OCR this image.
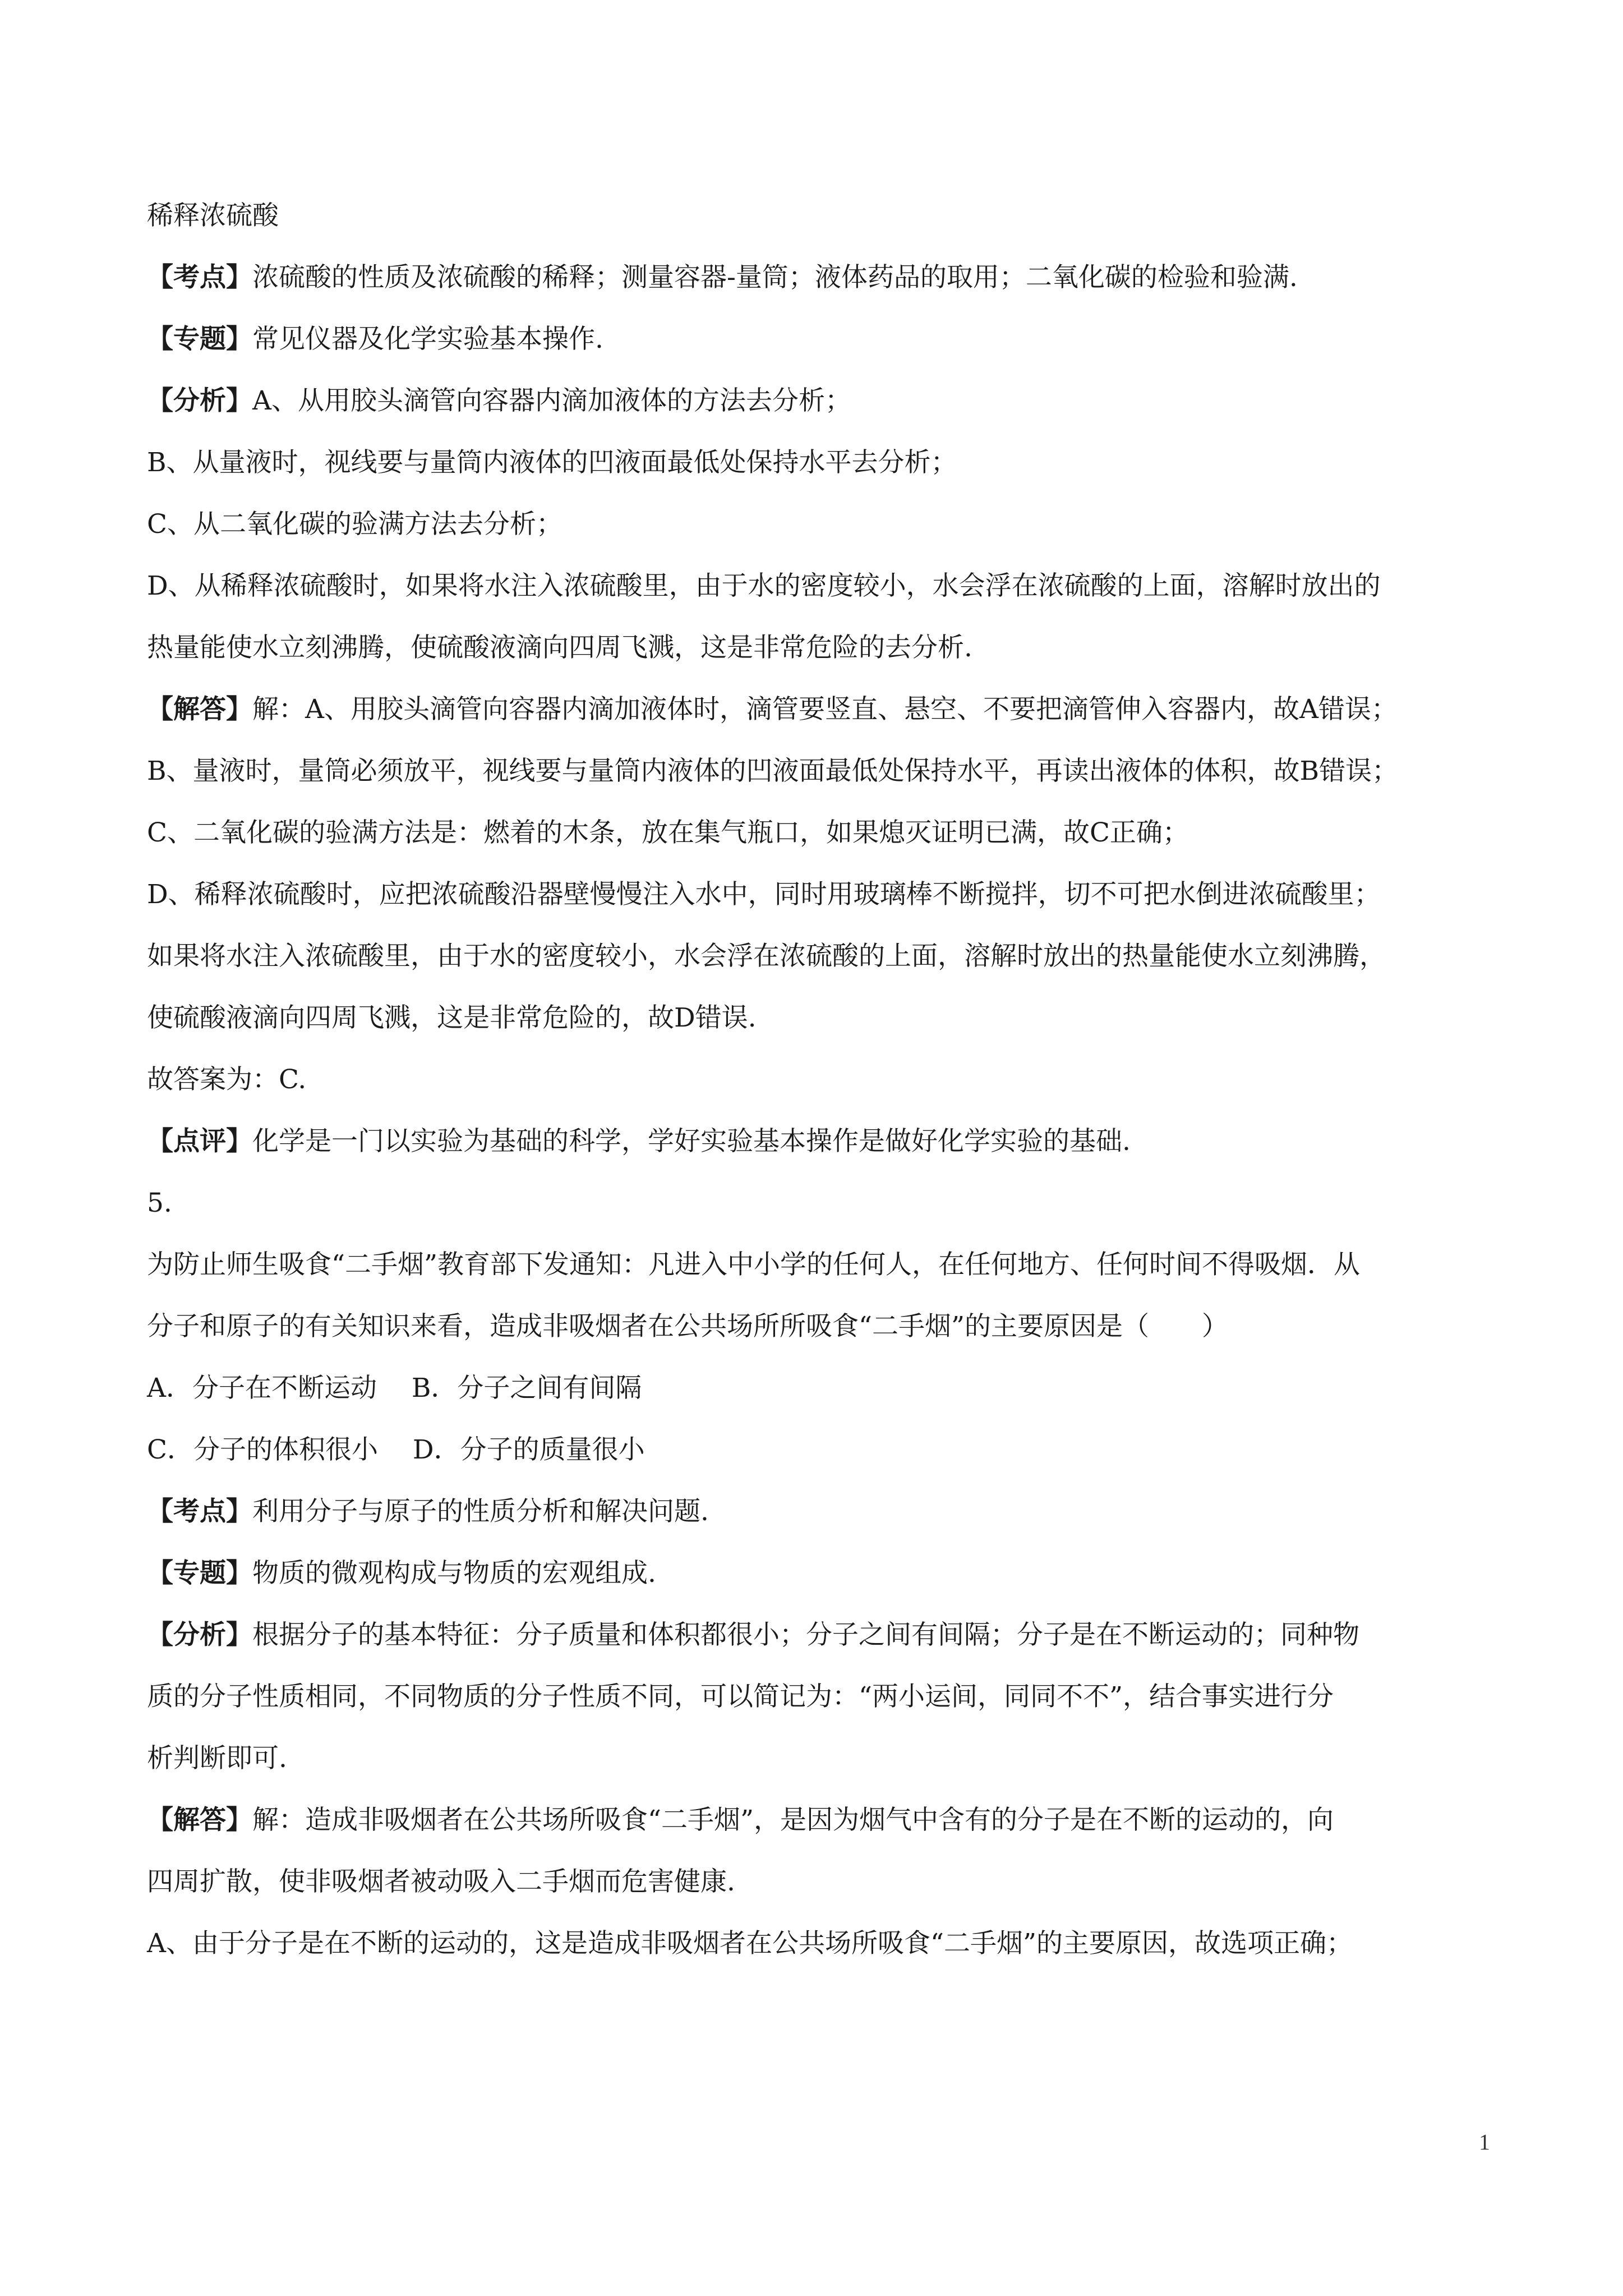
稀释浓硫酸
【考点】浓硫酸的性质及浓硫酸的稀释；测量容器-量筒；液体药品的取用；二氧化碳的检验和验满.
【专题】常见仪器及化学实验基本操作.
【分析】A、从用胶头滴管向容器内滴加液体的方法去分析；
B、从量液时，视线要与量筒内液体的凹液面最低处保持水平去分析；
C、从二氧化碳的验满方法去分析；
D、从稀释浓硫酸时，如果将水注入浓硫酸里，由于水的密度较小，水会浮在浓硫酸的上面，溶解时放出的
热量能使水立刻沸腾，使硫酸液滴向四周飞溅，这是非常危险的去分析.
【解答】解：A、用胶头滴管向容器内滴加液体时，滴管要竖直、悬空、不要把滴管伸入容器内，故A错误；
B、量液时，量筒必须放平，视线要与量筒内液体的凹液面最低处保持水平，再读出液体的体积，故B错误；
C、二氧化碳的验满方法是：燃着的木条，放在集气瓶口，如果熄灭证明已满，故C正确；
D、稀释浓硫酸时，应把浓硫酸沿器壁慢慢注入水中，同时用玻璃棒不断搅拌，切不可把水倒进浓硫酸里；
如果将水注入浓硫酸里，由于水的密度较小，水会浮在浓硫酸的上面，溶解时放出的热量能使水立刻沸腾，
使硫酸液滴向四周飞溅，这是非常危险的，故D错误.
故答案为：C.
【点评】化学是一门以实验为基础的科学，学好实验基本操作是做好化学实验的基础.
5.
为防止师生吸食“二手烟”教育部下发通知：凡进入中小学的任何人，在任何地方、任何时间不得吸烟．从
分子和原子的有关知识来看，造成非吸烟者在公共场所所吸食“二手烟”的主要原因是（　　）
A．分子在不断运动　 B．分子之间有间隔
C．分子的体积很小　 D．分子的质量很小
【考点】利用分子与原子的性质分析和解决问题.
【专题】物质的微观构成与物质的宏观组成.
【分析】根据分子的基本特征：分子质量和体积都很小；分子之间有间隔；分子是在不断运动的；同种物
质的分子性质相同，不同物质的分子性质不同，可以简记为：“两小运间，同同不不”，结合事实进行分
析判断即可.
【解答】解：造成非吸烟者在公共场所吸食“二手烟”，是因为烟气中含有的分子是在不断的运动的，向
四周扩散，使非吸烟者被动吸入二手烟而危害健康.
A、由于分子是在不断的运动的，这是造成非吸烟者在公共场所吸食“二手烟”的主要原因，故选项正确；
1
